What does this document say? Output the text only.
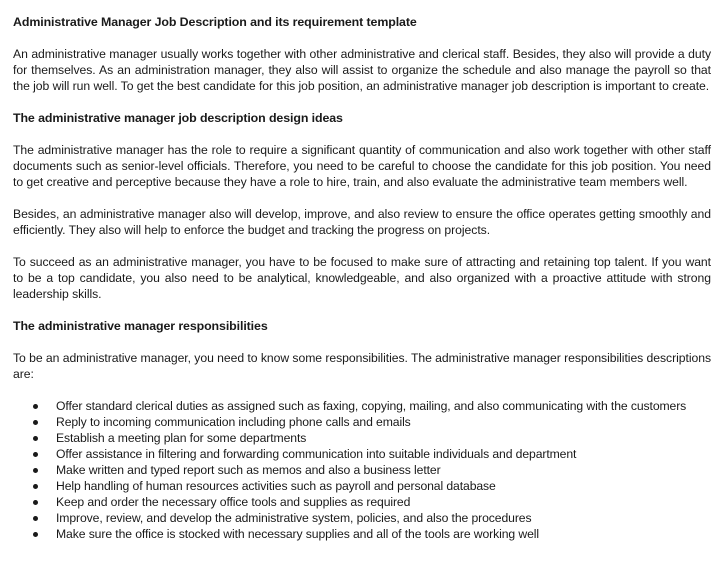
Administrative Manager Job Description and its requirement template

An administrative manager usually works together with other administrative and clerical staff. Besides, they also will provide a duty for themselves. As an administration manager, they also will assist to organize the schedule and also manage the payroll so that the job will run well. To get the best candidate for this job position, an administrative manager job description is important to create.

The administrative manager job description design ideas

The administrative manager has the role to require a significant quantity of communication and also work together with other staff documents such as senior-level officials. Therefore, you need to be careful to choose the candidate for this job position. You need to get creative and perceptive because they have a role to hire, train, and also evaluate the administrative team members well.

Besides, an administrative manager also will develop, improve, and also review to ensure the office operates getting smoothly and efficiently. They also will help to enforce the budget and tracking the progress on projects.

To succeed as an administrative manager, you have to be focused to make sure of attracting and retaining top talent. If you want to be a top candidate, you also need to be analytical, knowledgeable, and also organized with a proactive attitude with strong leadership skills.

The administrative manager responsibilities

To be an administrative manager, you need to know some responsibilities. The administrative manager responsibilities descriptions are:

Offer standard clerical duties as assigned such as faxing, copying, mailing, and also communicating with the customers
Reply to incoming communication including phone calls and emails
Establish a meeting plan for some departments
Offer assistance in filtering and forwarding communication into suitable individuals and department
Make written and typed report such as memos and also a business letter
Help handling of human resources activities such as payroll and personal database
Keep and order the necessary office tools and supplies as required
Improve, review, and develop the administrative system, policies, and also the procedures
Make sure the office is stocked with necessary supplies and all of the tools are working well
